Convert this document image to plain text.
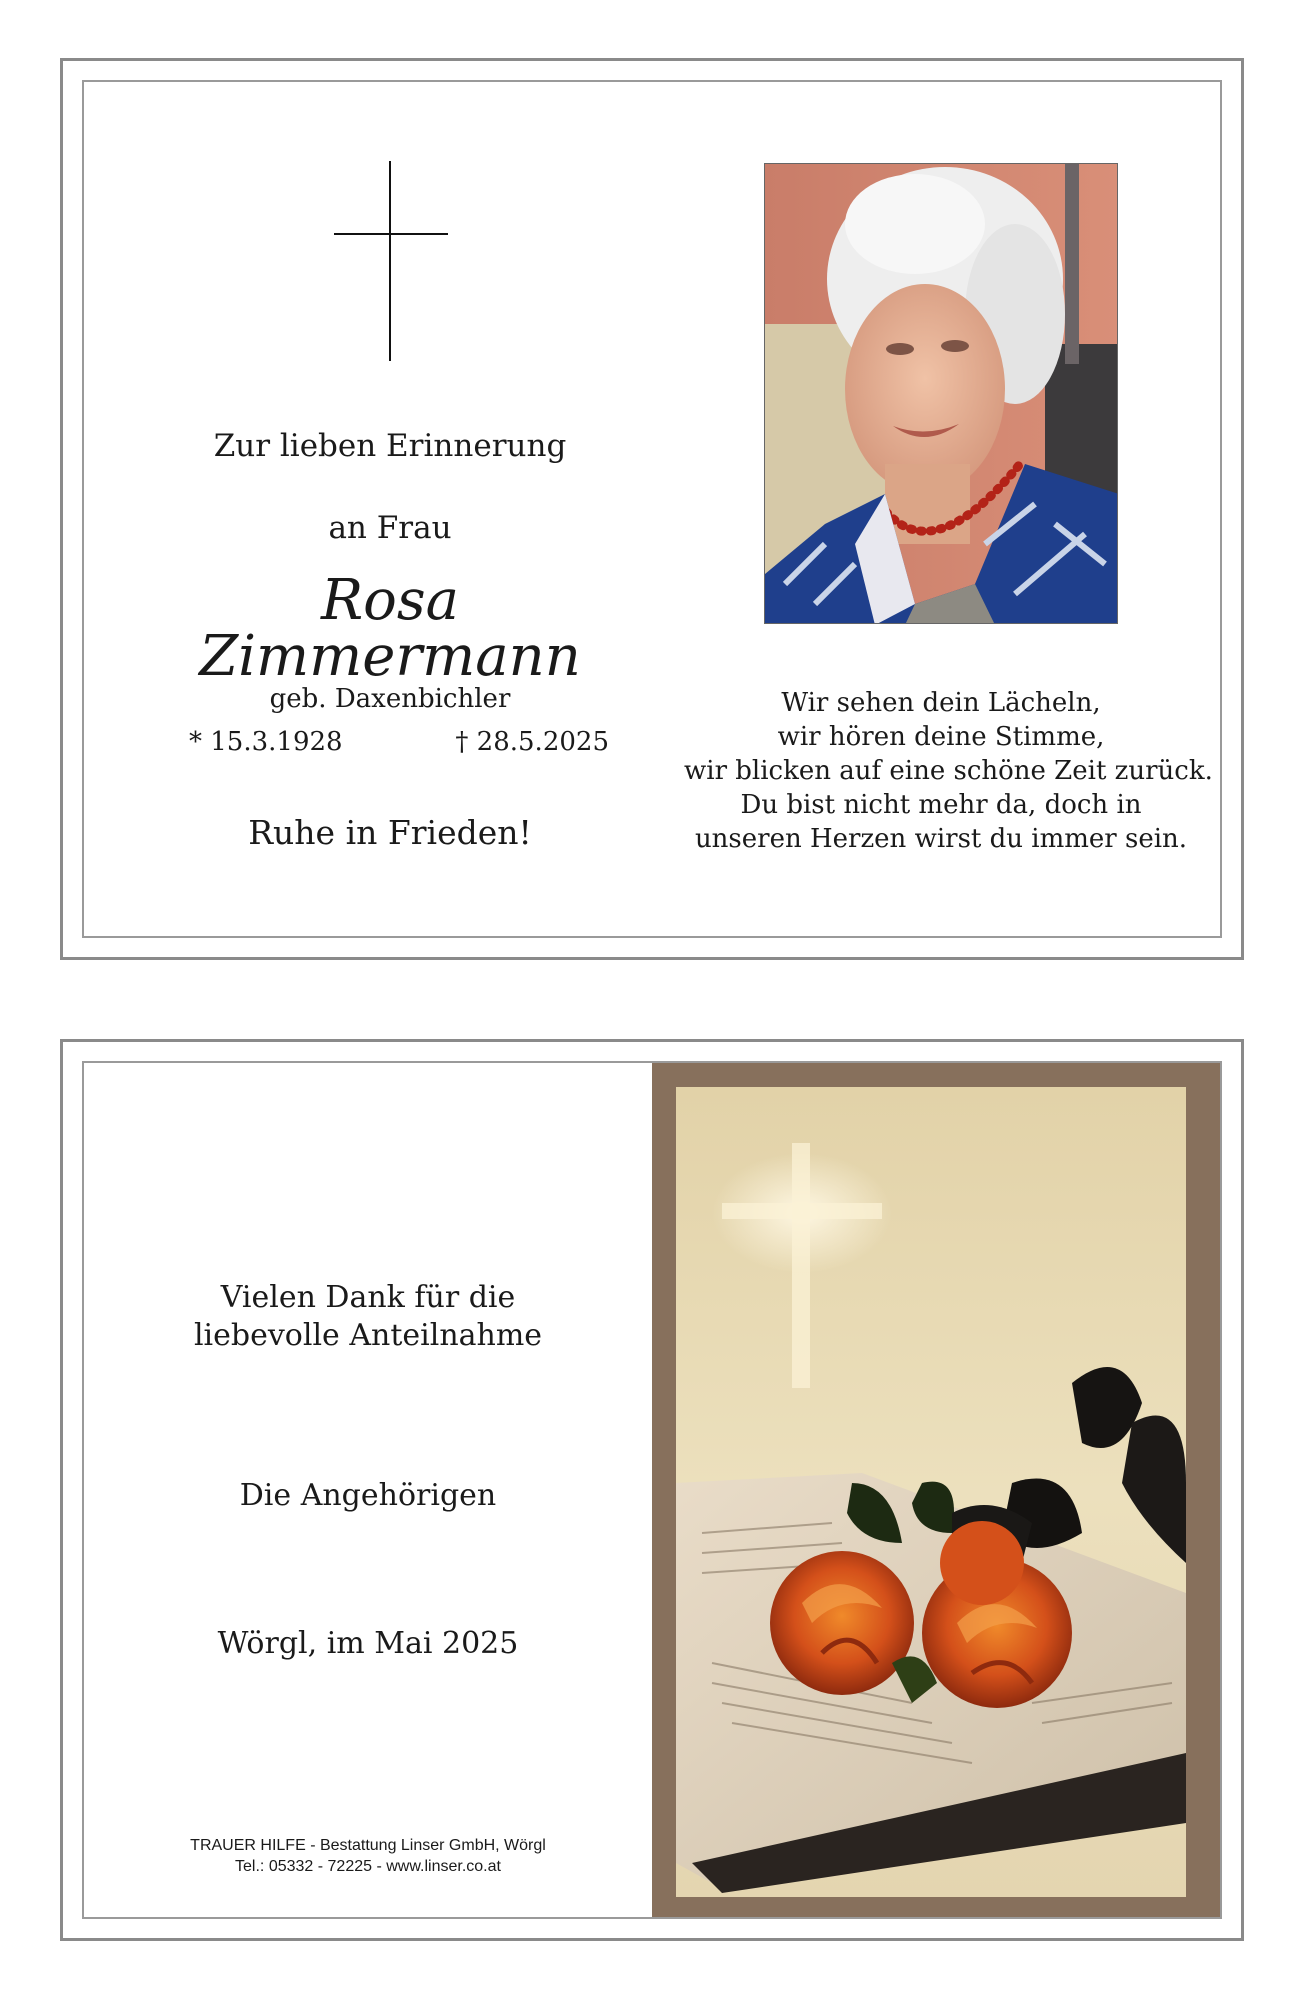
Zur lieben Erinnerung
an Frau
Rosa
Zimmermann
geb. Daxenbichler
* 15.3.1928	† 28.5.2025
Ruhe in Frieden!
Wir sehen dein Lächeln,
wir hören deine Stimme,
wir blicken auf eine schöne Zeit zurück.
Du bist nicht mehr da, doch in
unseren Herzen wirst du immer sein.
Vielen Dank für die
liebevolle Anteilnahme
Die Angehörigen
Wörgl, im Mai 2025
TRAUER HILFE - Bestattung Linser GmbH, Wörgl
Tel.: 05332 - 72225 - www.linser.co.at
